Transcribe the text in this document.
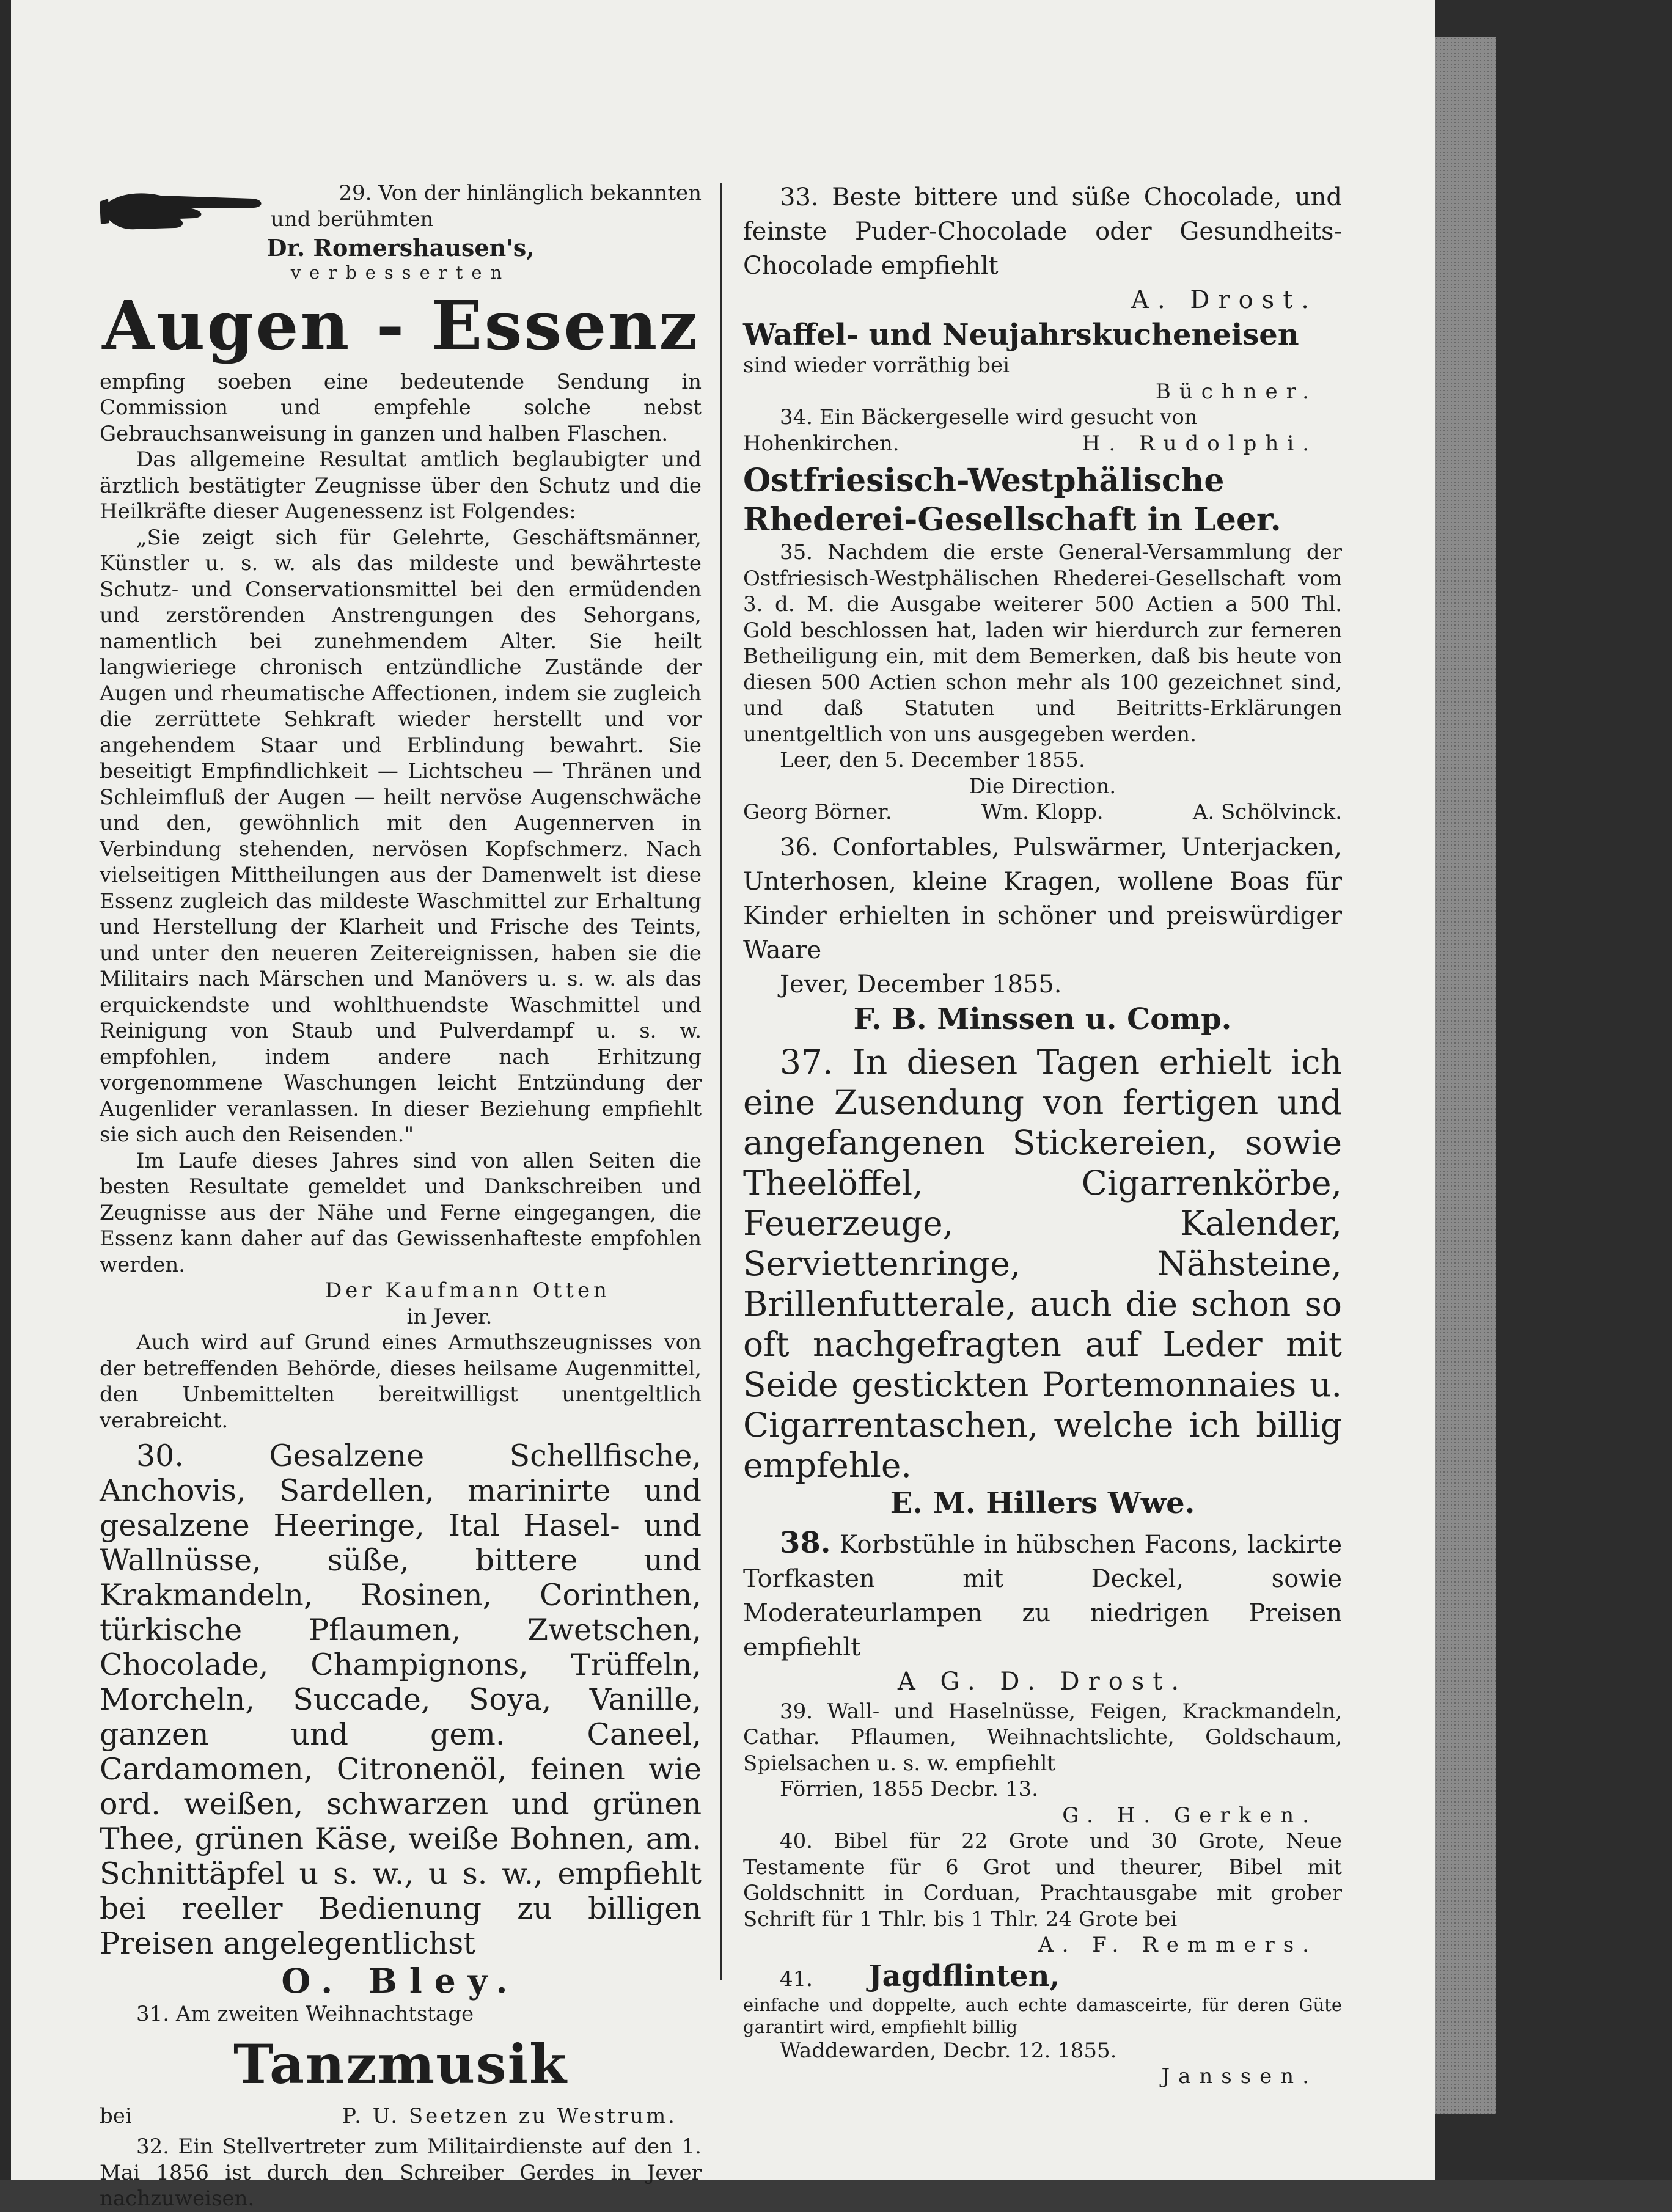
29. Von der hinlänglich bekannten

und berühmten

Dr. Romershausen's,

verbesserten

Augen - Essenz

empfing soeben eine bedeutende Sendung in Commission und empfehle solche nebst Gebrauchsanweisung in ganzen und halben Flaschen.

Das allgemeine Resultat amtlich beglaubigter und ärztlich bestätigter Zeugnisse über den Schutz und die Heilkräfte dieser Augenessenz ist Folgendes:

„Sie zeigt sich für Gelehrte, Geschäftsmänner, Künstler u. s. w. als das mildeste und bewährteste Schutz- und Conservationsmittel bei den ermüdenden und zerstörenden Anstrengungen des Sehorgans, namentlich bei zunehmendem Alter. Sie heilt langwieriege chronisch entzündliche Zustände der Augen und rheumatische Affectionen, indem sie zugleich die zerrüttete Sehkraft wieder herstellt und vor angehendem Staar und Erblindung bewahrt. Sie beseitigt Empfindlichkeit — Lichtscheu — Thränen und Schleimfluß der Augen — heilt nervöse Augenschwäche und den, gewöhnlich mit den Augennerven in Verbindung stehenden, nervösen Kopfschmerz. Nach vielseitigen Mittheilungen aus der Damenwelt ist diese Essenz zugleich das mildeste Waschmittel zur Erhaltung und Herstellung der Klarheit und Frische des Teints, und unter den neueren Zeitereignissen, haben sie die Militairs nach Märschen und Manövers u. s. w. als das erquickendste und wohlthuendste Waschmittel und Reinigung von Staub und Pulverdampf u. s. w. empfohlen, indem andere nach Erhitzung vorgenommene Waschungen leicht Entzündung der Augenlider veranlassen. In dieser Beziehung empfiehlt sie sich auch den Reisenden."

Im Laufe dieses Jahres sind von allen Seiten die besten Resultate gemeldet und Dankschreiben und Zeugnisse aus der Nähe und Ferne eingegangen, die Essenz kann daher auf das Gewissenhafteste empfohlen werden.

Der Kaufmann Otten

in Jever.

Auch wird auf Grund eines Armuthszeugnisses von der betreffenden Behörde, dieses heilsame Augenmittel, den Unbemittelten bereitwilligst unentgeltlich verabreicht.

30. Gesalzene Schellfische, Anchovis, Sardellen, marinirte und gesalzene Heeringe, Ital Hasel- und Wallnüsse, süße, bittere und Krakmandeln, Rosinen, Corinthen, türkische Pflaumen, Zwetschen, Chocolade, Champignons, Trüffeln, Morcheln, Succade, Soya, Vanille, ganzen und gem. Caneel, Cardamomen, Citronenöl, feinen wie ord. weißen, schwarzen und grünen Thee, grünen Käse, weiße Bohnen, am. Schnittäpfel u s. w., u s. w., empfiehlt bei reeller Bedienung zu billigen Preisen angelegentlichst

O. Bley.

31. Am zweiten Weihnachtstage

Tanzmusik
bei	P. U. Seetzen zu Westrum.

32. Ein Stellvertreter zum Militairdienste auf den 1. Mai 1856 ist durch den Schreiber Gerdes in Jever nachzuweisen.

33. Beste bittere und süße Chocolade, und feinste Puder-Chocolade oder Gesundheits-Chocolade empfiehlt

A. Drost.

Waffel- und Neujahrskucheneisen

sind wieder vorräthig bei

Büchner.

34. Ein Bäckergeselle wird gesucht von

Hohenkirchen.	H. Rudolphi.

Ostfriesisch-Westphälische Rhederei-Gesellschaft in Leer.

35. Nachdem die erste General-Versammlung der Ostfriesisch-Westphälischen Rhederei-Gesellschaft vom 3. d. M. die Ausgabe weiterer 500 Actien a 500 Thl. Gold beschlossen hat, laden wir hierdurch zur ferneren Betheiligung ein, mit dem Bemerken, daß bis heute von diesen 500 Actien schon mehr als 100 gezeichnet sind, und daß Statuten und Beitritts-Erklärungen unentgeltlich von uns ausgegeben werden.

Leer, den 5. December 1855.

Die Direction.

Georg Börner.	Wm. Klopp.	A. Schölvinck.

36. Confortables, Pulswärmer, Unterjacken, Unterhosen, kleine Kragen, wollene Boas für Kinder erhielten in schöner und preiswürdiger Waare

Jever, December 1855.

F. B. Minssen u. Comp.

37. In diesen Tagen erhielt ich eine Zusendung von fertigen und angefangenen Stickereien, sowie Theelöffel, Cigarrenkörbe, Feuerzeuge, Kalender, Serviettenringe, Nähsteine, Brillenfutterale, auch die schon so oft nachgefragten auf Leder mit Seide gestickten Portemonnaies u. Cigarrentaschen, welche ich billig empfehle.

E. M. Hillers Wwe.

38. Korbstühle in hübschen Facons, lackirte Torfkasten mit Deckel, sowie Moderateurlampen zu niedrigen Preisen empfiehlt

A G. D. Drost.

39. Wall- und Haselnüsse, Feigen, Krackmandeln, Cathar. Pflaumen, Weihnachtslichte, Goldschaum, Spielsachen u. s. w. empfiehlt

Förrien, 1855 Decbr. 13.

G. H. Gerken.

40. Bibel für 22 Grote und 30 Grote, Neue Testamente für 6 Grot und theurer, Bibel mit Goldschnitt in Corduan, Prachtausgabe mit grober Schrift für 1 Thlr. bis 1 Thlr. 24 Grote bei

A. F. Remmers.

41. Jagdflinten,

einfache und doppelte, auch echte damasceirte, für deren Güte garantirt wird, empfiehlt billig

Waddewarden, Decbr. 12. 1855.

Janssen.
